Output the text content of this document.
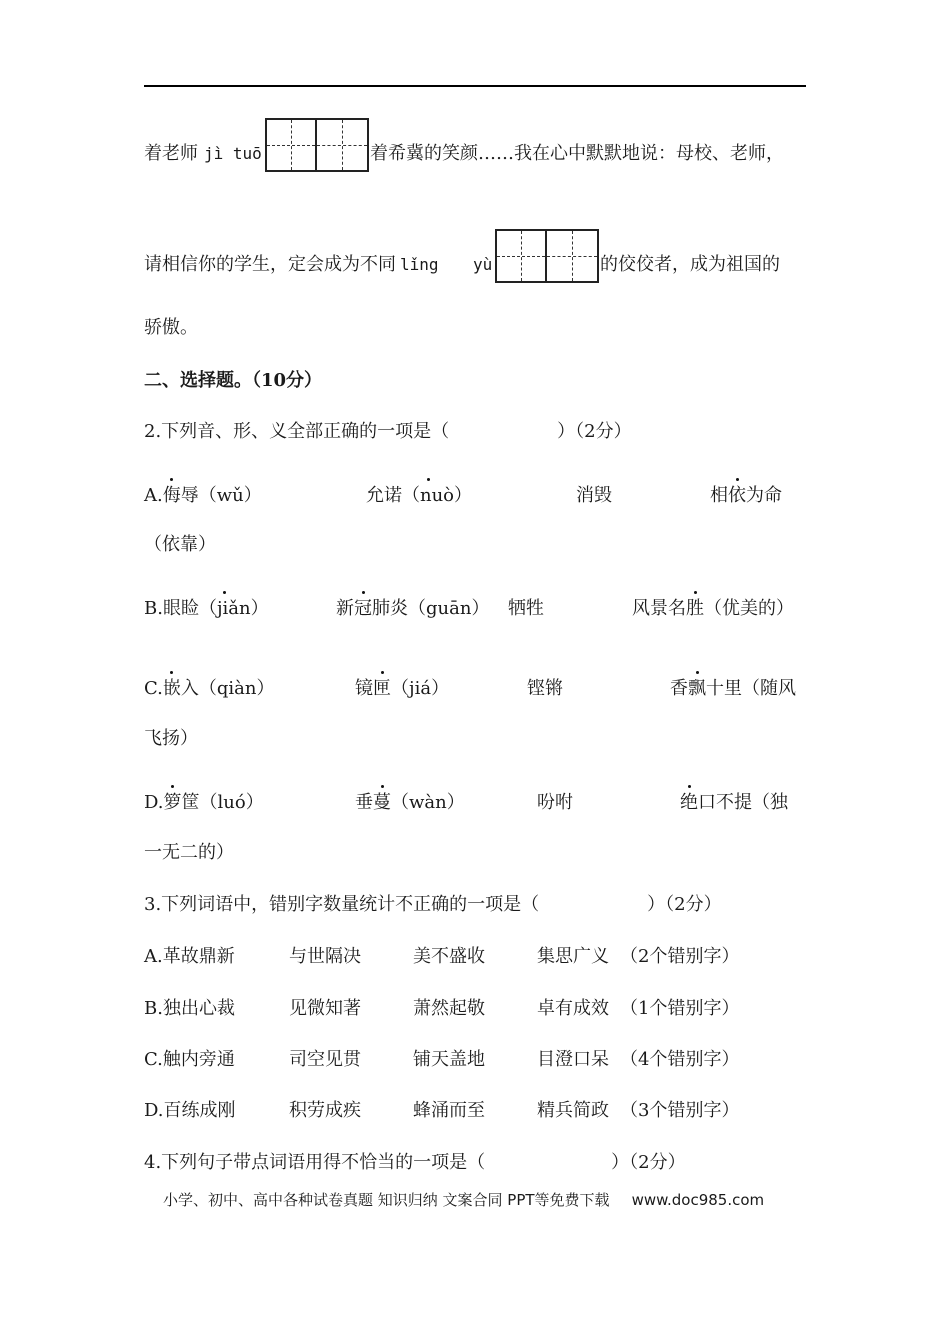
着老师 jì tuō	着希冀的笑颜……我在心中默默地说：母校、老师，
请相信你的学生，定会成为不同 lǐng yù	的佼佼者，成为祖国的
骄傲。
二、选择题。（10分）
2.下列音、形、义全部正确的一项是（　　　　　　）（2分）
A.侮辱（wǔ）	允诺（nuò）	消毁	相依为命
（依靠）
B.眼睑（jiǎn）	新冠肺炎（guān） 牺牲	风景名胜（优美的）
C.嵌入（qiàn）	镜匣（jiá）	铿锵	香飘十里（随风
飞扬）
D.箩筐（luó）	垂蔓（wàn）	吩咐	绝口不提（独
一无二的）
3.下列词语中，错别字数量统计不正确的一项是（　　　　　　）（2分）
A.革故鼎新	与世隔决	美不盛收	集思广义 （2个错别字）
B.独出心裁	见微知著	萧然起敬	卓有成效 （1个错别字）
C.触内旁通	司空见贯	铺天盖地	目澄口呆 （4个错别字）
D.百练成刚	积劳成疾	蜂涌而至	精兵简政 （3个错别字）
4.下列句子带点词语用得不恰当的一项是（　　　　　　　）（2分）
小学、初中、高中各种试卷真题 知识归纳 文案合同 PPT等免费下载 www.doc985.com
